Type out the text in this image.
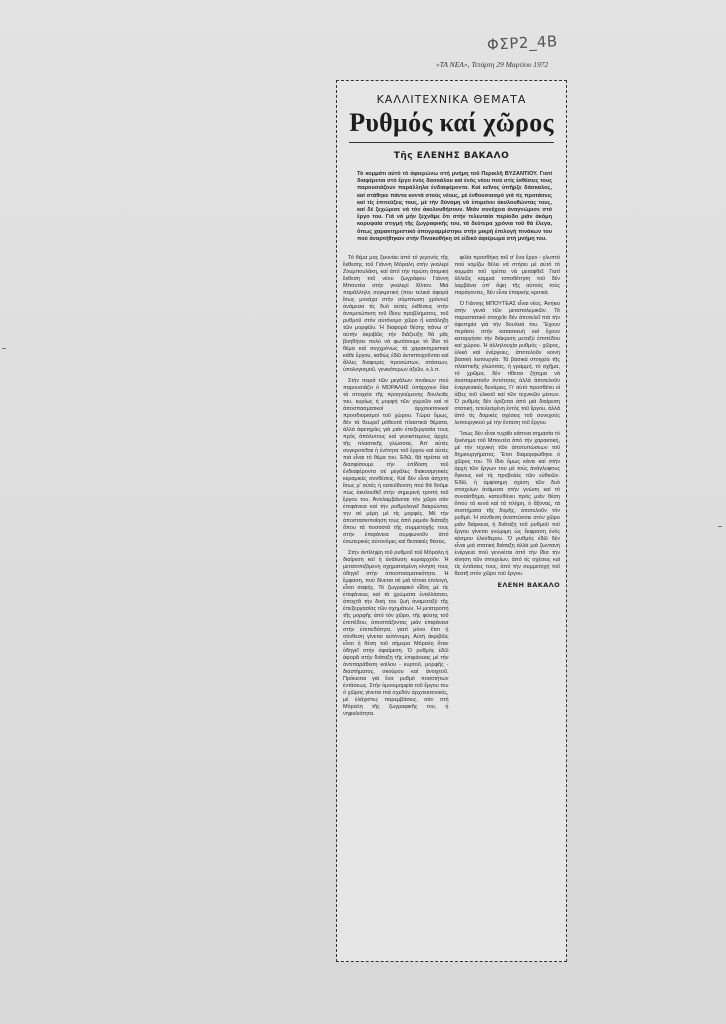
ΦΣΡ2_4Β
«ΤΑ ΝΕΑ», Τετάρτη 29 Μαρτίου 1972
ΚΑΛΛΙΤΕΧΝΙΚΑ ΘΕΜΑΤΑ
Ρυθμός καί χῶρος
Τῆς ΕΛΕΝΗΣ ΒΑΚΑΛΟ
Τό κομμάτι αὐτό τό ἀφιερώνω στή μνήμη τοῦ Περικλῆ ΒΥΖΑΝΤΙΟΥ. Γιατί διαφέρεται στό ἔργο ἑνός δασκάλου καί ἑνός νέου πού στίς ἐκθέσεις τους παρουσιάζουν παράλληλα ἐνδιαφέροντα. Καί κεῖνος ὑπῆρξε δάσκαλος, καί στάθηκε πάντα κοντά στούς νέους, μέ ἐνθουσιασμό γιά τίς προτάσεις καί τίς ἐπιτεύξεις τους, μέ τήν δύναμη νά ἐπιμείνει ἀκολουθώντας τους, καί δέ ξεχώρισε νά τόν ἀκολουθήσουν. Μιάν συνέχεια ἀναγνώρισε στό ἔργο του. Γιά νά μήν ξεχνᾶμε ὅτι στήν τελευταία περίοδο μιάν ἀκόμη κορυφαία στιγμή τῆς ζωγραφικῆς του, τά δεύτερα χρόνια τοῦ θά ἔλεγα, ὅπως χαρακτηριστικό ὑπογραμμίστηκε στήν μικρή ἐπιλογή πινάκων του πού ἀναρτήθηκαν στήν Πινακοθήκη σέ εἰδικό ἀφιέρωμα στή μνήμη του.

Τό θέμα μας ξεκινάει ἀπό τό γεγονός τῆς ἔκθεσης τοῦ Γιάννη Μόραλη στήν γκαλερί Ζουμπουλάκη, καί ἀπό τήν πρώτη ἀτομική ἔκθεση τοῦ νέου ζωγράφου Γιάννη Μπουτέα στήν γκαλερί Χίλτον. Μιά παράλληλη συγκριτική (που τελικά ἀφορά ἴσως μονάχα στήν σύμπτωση χρόνου) ἀνάμεσα τίς δυό αὐτές ἐκθέσεις στήν ἀντιμετώπιση τοῦ ἴδιου προβλήματος, τοῦ ρυθμοῦ στόν αὐτόνομο χῶρο ἤ κατάληξη τῶν μορφῶν. Ἡ διαφορά θέσης πάνω σ' αὐτήν ἀκριβῶς τήν διάζευξη θά μᾶς βοηθήσει πολύ νά φωτίσουμε τό ἴδιο τό θέμα καί συγχρόνως τά χαρακτηριστικά κάθε ἔργου, καθώς ἐδῶ ἀντιστοιχοῦνται καί ἄλλες διαφορές προσώπων, στάσεων, ὑπολογισμοῦ, γενικότερων ἀξιῶν, κ.λ.π.

Στήν σειρά τῶν μεγάλων πινάκων πού παρουσιάζει ὁ ΜΟΡΑΛΗΣ ὑπάρχουν ὅλα τά στοιχεία τῆς προηγούμενης δουλειᾶς του, κυρίως ἡ μορφή τῶν γυμνῶν καί οἱ ἀποσπασματικοί ἀρχιτεκτονικοί προσδιορισμοί τοῦ χώρου. Τώρα ὅμως, δέν τά θεωρεῖ μόθευτά πλαστικά θέματα, ἀλλά ἀφετηρίες γιά μιάν ἐπεξεργασία τους πρός ἀπόλυτους καί γενικότερους ἀρχές τῆς πλαστικῆς γλώσσας. Ἀπ' αὐτές συγκροτεῖται ἡ ἐνότητα τοῦ ἔργου καί αὐτές πιά εἶναι τό θέμα του. Ἐδῶ, θά πρέπει νά διασφίσουμε τήν ἐπίδοση τοῦ ἐνδιαφέροντα σέ μεγάλες διακοσμητικές κεραμικές συνθέσεις. Καί δέν εἶναι ἀσχετη ἴσως μ' αὐτές ἡ κατεύθυνση πού θά δοῦμε πώς ἀκολουθεῖ στήν σημερινή τροπή τοῦ ἔργου του. Ἀντιλαμβάνεται τόν χῶρο σάν ἐπιφάνεια καί τήν ρυθμολογεῖ διαιρώντας την σέ μέρη μέ τίς μορφές. Μέ τήν ἀποστασιοποίηση τους ἀπό ρεμιάν διάταξη ὅπου τά ποσοστά τῆς συμμετοχῆς τους στήν ἐπιφάνεια συμφωνοῦν ἀπό ἐσωτερικές αὐτονόμες καί θεσιακές θέσεις.

Στήν ἀντίληψη τοῦ ρυθμοῦ τοῦ Μόραλη ἡ διαίρεση καί ἡ ἀνάλυση κυριαρχοῦν. Ἡ μετατοπιζόμενη σχηματισμένη κίνηση τους ὁδηγεῖ στήν ἀποσπασματικότητα. Ἡ ἔμφαση, πού δίνεται σέ μιά τέτοια ἐπιλογή, εἶναι σαφής. Τό ζωγραφικό εἶδος μέ τίς ἐπιφάνειες καί τά χρώματα ἐναλλάσσει, ἀποχτᾶ τήν δική του ζωή ἀναμεταξύ τῆς ἐπεξεργασίας τῶν σχημάτων. Ἡ μετατροπή τῆς μορφῆς ἀπό τόν χῶρο, τῆς φύσης τοῦ ἐπιπέδου, ἀποσπάζοντας μιάν ἐπιφάνεια στήν ἐπιπεδότητα, γιατί μόνο ἔτσι ἡ σύνθεση γίνεται αὐτόνομη. Αὐτή ἀκριβῶς εἶναι ἡ θέση τοῦ σήμερα Μόραλη ὅταν ὁδηγεῖ στήν ἀφαίρεση. Ὁ ρυθμός ἐδῶ ἀφορᾶ στήν διάταξη τῆς ἐπιφάνειας μέ τήν ἀντιπαράθεση κοίλου - κυρτοῦ, μορφῆς - διαστήματος, σκούρου καί ἀνοιχτοῦ. Πρόκειται γιά ἕνα ρυθμό ποσοτήτων ἐντάσεως. Στήν ὁμοιομορφία τοῦ ἔργου του ὁ χῶρος γίνεται πιά σχεδόν ἀρχιτεκτονικός, μέ ἐλάχιστες παρεμβάσεις, σάν στή Μόραλη τῆς ζωγραφικῆς του, ἡ νηφαλιότητα.

φιλία προσθήκη τοῦ σ' ἕνα ἔργο - γλυπτό πού νομίζω θέλει νά στήσει μέ αὐτό τό κομμάτι τοῦ τρέπει νά μεταφθεῖ. Γιατί ἀλλιῶς καμμιά τοποθέτηση τοῦ δέν λαμβάνει ὑπ' ὄψη τῆς αὐτούς τούς παράγοντες, δέν εἶναι ἐπαρκής κριτικά.

Ὁ Γιάννης ΜΠΟΥΤΕΑΣ εἶναι νέος. Ἀνήκει στήν γενιά τῶν μεταπολεμικῶν. Τό παραστατικό στοιχεῖο δέν ἀποτελεῖ πιά τήν ἀφετηρία γιά τήν δουλειά του. Ἔχουν περάσει στήν κατασκευή καί ἔχουν καταργήσει τήν διάκριση μεταξύ ἐπιπέδου καί χώρου. Ἡ ἀλληλουχία ρυθμός - χῶρος, ὑλικό καί ἐνέργειες, ἀποτελοῦν κοινή βασική λειτουργία. Τά βασικά στοιχεία τῆς πλαστικῆς γλώσσας, ἡ γραμμή, τό σχῆμα, τό χρῶμα, δέν τίθεται ζήτημα νά ἀναπαριστοῦν ὀντότητες ἀλλά ἀποτελοῦν ἐνεργειακές δυνάμεις. Γι' αὐτό προσθέτει οἱ ἀξίες τοῦ ὑλικοῦ καί τῶν τεχνικῶν μέσων. Ὁ ρυθμός δέν ὁρίζεται ἀπό μιά διαίρεση στατική, τετελεσμένη ἐντός τοῦ ἔργου, ἀλλά ἀπό τίς δομικές σχέσεις τοῦ συνεχούς λειτουργικού μέ τήν ἔνταση τοῦ ἔργου.

Ἴσως δέν εἶναι τυχαῖο κάποια σημασία τό ξεκίνημα τοῦ Μπουτέα ἀπό τήν χαρακτική, μέ τήν τεχνική τῶν ἀποτυπώσεων τοῦ δημιουργήματος. Ἔτσι διαμορφώθηκε ὁ χῶρος του. Τό ἴδιο ὅμως κάνει καί στήν ἀρχή τῶν ἔργων του μέ τούς ἀνάγλυφους ὄγκους καί τίς προβολές τῶν εὐθειῶν. Ἐδῶ, ἡ ἀμφίσημη σχέση τῶν δυό στοιχείων ἀνάμεσα στήν γνώση καί τό συναίσθημα, κατευθύνει πρός μιάν θέση ὅπου τά κενά καί τά πλήρη, ὁ ἄξονας, τά συστήματα τῆς δομῆς, ἀποτελοῦν τόν ρυθμό. Ἡ σύνθεση ἀναπτύσσει στόν χῶρο μιάν διάρκεια, ἡ διάταξη τοῦ ρυθμοῦ τοῦ ἔργου γίνεται γνώριμη ὡς ἔκφραση ἑνός κόσμου ἐλεύθερου. Ὁ ρυθμός ἐδῶ δέν εἶναι μιά στατική διάταξη ἀλλά μιά ζωντανή ἐνέργεια πού γεννιέται ἀπό τήν ἴδια τήν κίνηση τῶν στοιχείων, ἀπό τίς σχέσεις καί τίς ἐντάσεις τους, ἀπό τήν συμμετοχή τοῦ θεατῆ στόν χῶρο τοῦ ἔργου.

ΕΛΕΝΗ ΒΑΚΑΛΟ
